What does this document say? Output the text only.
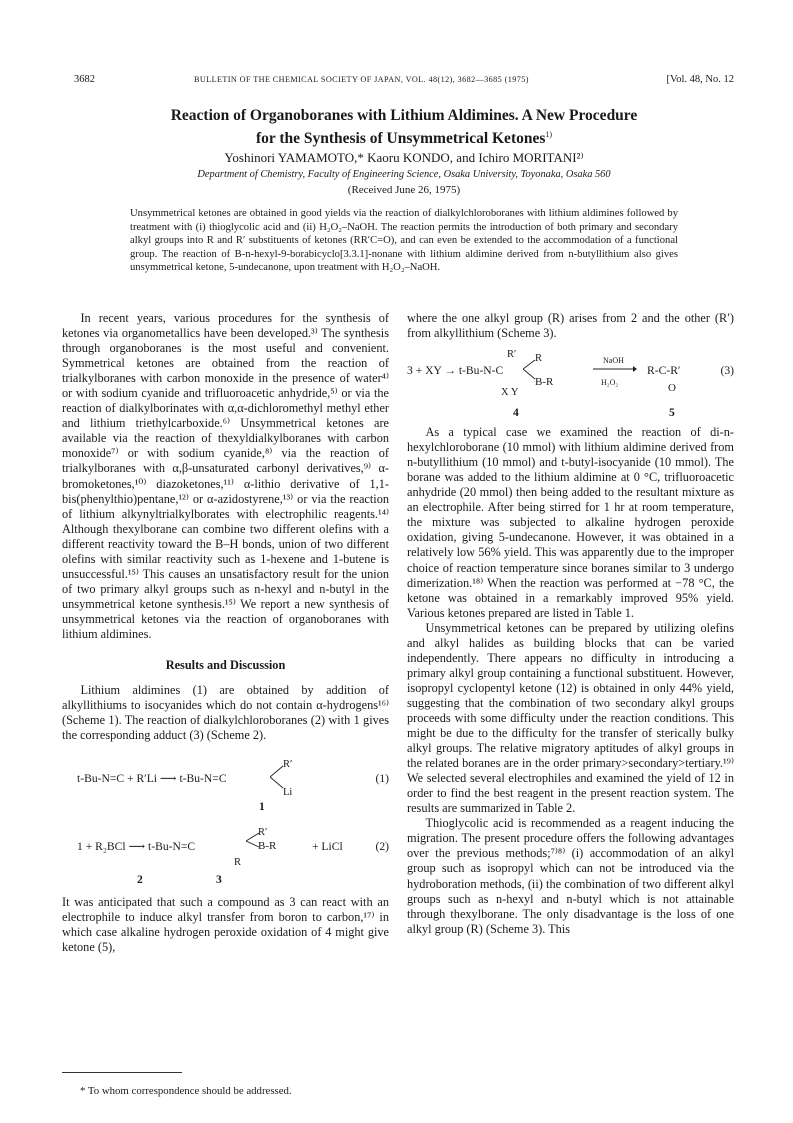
3682	BULLETIN OF THE CHEMICAL SOCIETY OF JAPAN, VOL. 48(12), 3682—3685 (1975)	[Vol. 48, No. 12
Reaction of Organoboranes with Lithium Aldimines. A New Procedure
for the Synthesis of Unsymmetrical Ketones$^{1)}$
Yoshinori YAMAMOTO,* Kaoru KONDO, and Ichiro MORITANI²⁾
Department of Chemistry, Faculty of Engineering Science, Osaka University, Toyonaka, Osaka 560
(Received June 26, 1975)
Unsymmetrical ketones are obtained in good yields via the reaction of dialkylchloroboranes with lithium aldimines followed by treatment with (i) thioglycolic acid and (ii) H₂O₂–NaOH. The reaction permits the introduction of both primary and secondary alkyl groups into R and R′ substituents of ketones (RR′C=O), and can even be extended to the accommodation of a functional group. The reaction of B-n-hexyl-9-borabicyclo[3.3.1]-nonane with lithium aldimine derived from n-butyllithium also gives unsymmetrical ketone, 5-undecanone, upon treatment with H₂O₂–NaOH.

In recent years, various procedures for the synthesis of ketones via organometallics have been developed.³⁾ The synthesis through organoboranes is the most useful and convenient. Symmetrical ketones are obtained from the reaction of trialkylboranes with carbon monoxide in the presence of water⁴⁾ or with sodium cyanide and trifluoroacetic anhydride,⁵⁾ or via the reaction of dialkylborinates with α,α-dichloromethyl methyl ether and lithium triethylcarboxide.⁶⁾ Unsymmetrical ketones are available via the reaction of thexyldialkylboranes with carbon monoxide⁷⁾ or with sodium cyanide,⁸⁾ via the reaction of trialkylboranes with α,β-unsaturated carbonyl derivatives,⁹⁾ α-bromoketones,¹⁰⁾ diazoketones,¹¹⁾ α-lithio derivative of 1,1-bis(phenylthio)pentane,¹²⁾ or α-azidostyrene,¹³⁾ or via the reaction of lithium alkynyltrialkylborates with electrophilic reagents.¹⁴⁾ Although thexylborane can combine two different olefins with a different reactivity toward the B–H bonds, union of two different olefins with similar reactivity such as 1-hexene and 1-butene is unsuccessful.¹⁵⁾ This causes an unsatisfactory result for the union of two primary alkyl groups such as n-hexyl and n-butyl in the unsymmetrical ketone synthesis.¹⁵⁾ We report a new synthesis of unsymmetrical ketones via the reaction of organoboranes with lithium aldimines.

Results and Discussion

Lithium aldimines (1) are obtained by addition of alkyllithiums to isocyanides which do not contain α-hydrogens¹⁶⁾ (Scheme 1). The reaction of dialkylchloroboranes (2) with 1 gives the corresponding adduct (3) (Scheme 2).

t-Bu-N=C + R′Li ⟶ t-Bu-N=C
R′
Li
(1)
1
1 + R₂BCl ⟶ t-Bu-N=C
R′
B-R
R
+ LiCl	(2)
2	3

It was anticipated that such a compound as 3 can react with an electrophile to induce alkyl transfer from boron to carbon,¹⁷⁾ in which case alkaline hydrogen peroxide oxidation of 4 might give ketone (5),

* To whom correspondence should be addressed.

where the one alkyl group (R) arises from 2 and the other (R′) from alkyllithium (Scheme 3).

R′
3 + XY → t-Bu-N-C
R
B-R
X Y
NaOH
H₂O₂
R-C-R′
O
(3)
4	5

As a typical case we examined the reaction of di-n-hexylchloroborane (10 mmol) with lithium aldimine derived from n-butyllithium (10 mmol) and t-butyl-isocyanide (10 mmol). The borane was added to the lithium aldimine at 0 °C, trifluoroacetic anhydride (20 mmol) then being added to the resultant mixture as an electrophile. After being stirred for 1 hr at room temperature, the mixture was subjected to alkaline hydrogen peroxide oxidation, giving 5-undecanone. However, it was obtained in a relatively low 56% yield. This was apparently due to the improper choice of reaction temperature since boranes similar to 3 undergo dimerization.¹⁸⁾ When the reaction was performed at −78 °C, the ketone was obtained in a remarkably improved 95% yield. Various ketones prepared are listed in Table 1.

Unsymmetrical ketones can be prepared by utilizing olefins and alkyl halides as building blocks that can be varied independently. There appears no difficulty in introducing a primary alkyl group containing a functional substituent. However, isopropyl cyclopentyl ketone (12) is obtained in only 44% yield, suggesting that the combination of two secondary alkyl groups proceeds with some difficulty under the reaction conditions. This might be due to the difficulty for the transfer of sterically bulky alkyl groups. The relative migratory aptitudes of alkyl groups in the related boranes are in the order primary>secondary>tertiary.¹⁹⁾ We selected several electrophiles and examined the yield of 12 in order to find the best reagent in the present reaction system. The results are summarized in Table 2.

Thioglycolic acid is recommended as a reagent inducing the migration. The present procedure offers the following advantages over the previous methods;⁷⁾⁸⁾ (i) accommodation of an alkyl group such as isopropyl which can not be introduced via the hydroboration methods, (ii) the combination of two different alkyl groups such as n-hexyl and n-butyl which is not attainable through thexylborane. The only disadvantage is the loss of one alkyl group (R) (Scheme 3). This
